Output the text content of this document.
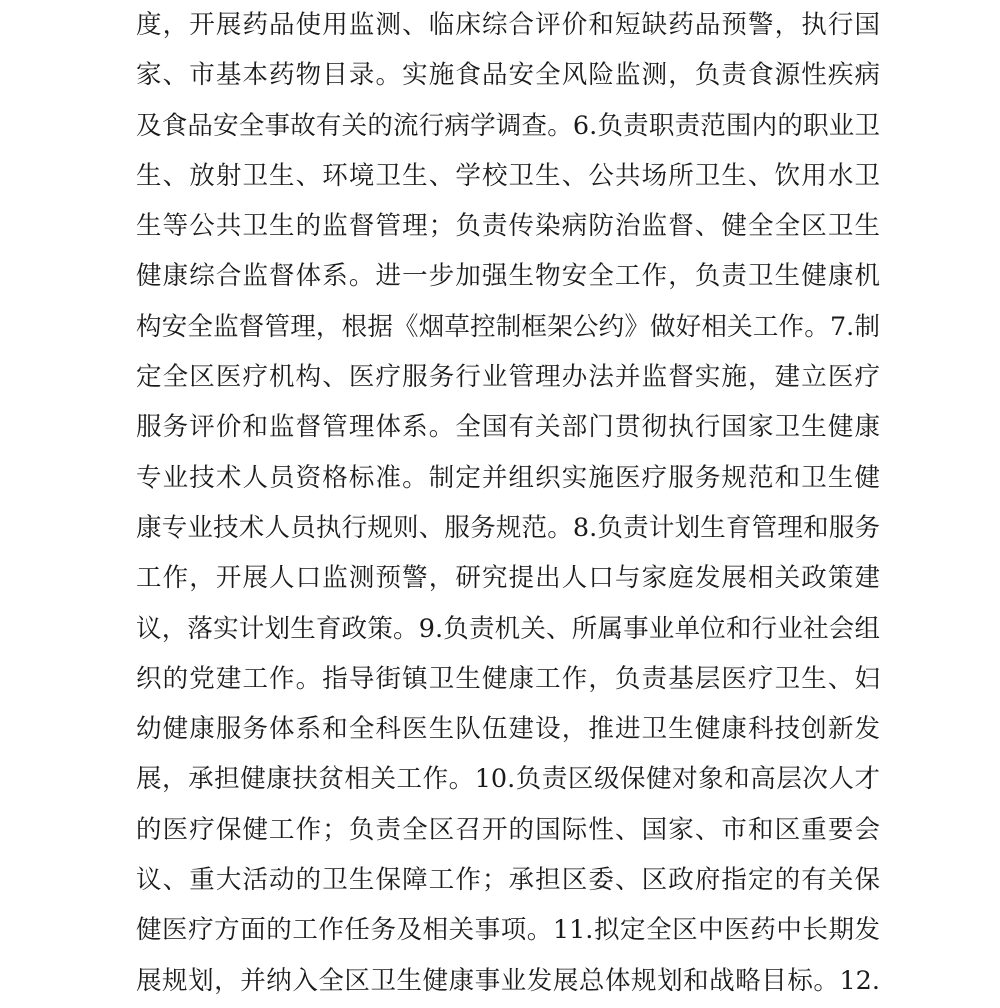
度，开展药品使用监测、临床综合评价和短缺药品预警，执行国
家、市基本药物目录。实施食品安全风险监测，负责食源性疾病
及食品安全事故有关的流行病学调查。6.负责职责范围内的职业卫
生、放射卫生、环境卫生、学校卫生、公共场所卫生、饮用水卫
生等公共卫生的监督管理；负责传染病防治监督、健全全区卫生
健康综合监督体系。进一步加强生物安全工作，负责卫生健康机
构安全监督管理，根据《烟草控制框架公约》做好相关工作。7.制
定全区医疗机构、医疗服务行业管理办法并监督实施，建立医疗
服务评价和监督管理体系。全国有关部门贯彻执行国家卫生健康
专业技术人员资格标准。制定并组织实施医疗服务规范和卫生健
康专业技术人员执行规则、服务规范。8.负责计划生育管理和服务
工作，开展人口监测预警，研究提出人口与家庭发展相关政策建
议，落实计划生育政策。9.负责机关、所属事业单位和行业社会组
织的党建工作。指导街镇卫生健康工作，负责基层医疗卫生、妇
幼健康服务体系和全科医生队伍建设，推进卫生健康科技创新发
展，承担健康扶贫相关工作。10.负责区级保健对象和高层次人才
的医疗保健工作；负责全区召开的国际性、国家、市和区重要会
议、重大活动的卫生保障工作；承担区委、区政府指定的有关保
健医疗方面的工作任务及相关事项。11.拟定全区中医药中长期发
展规划，并纳入全区卫生健康事业发展总体规划和战略目标。12.
